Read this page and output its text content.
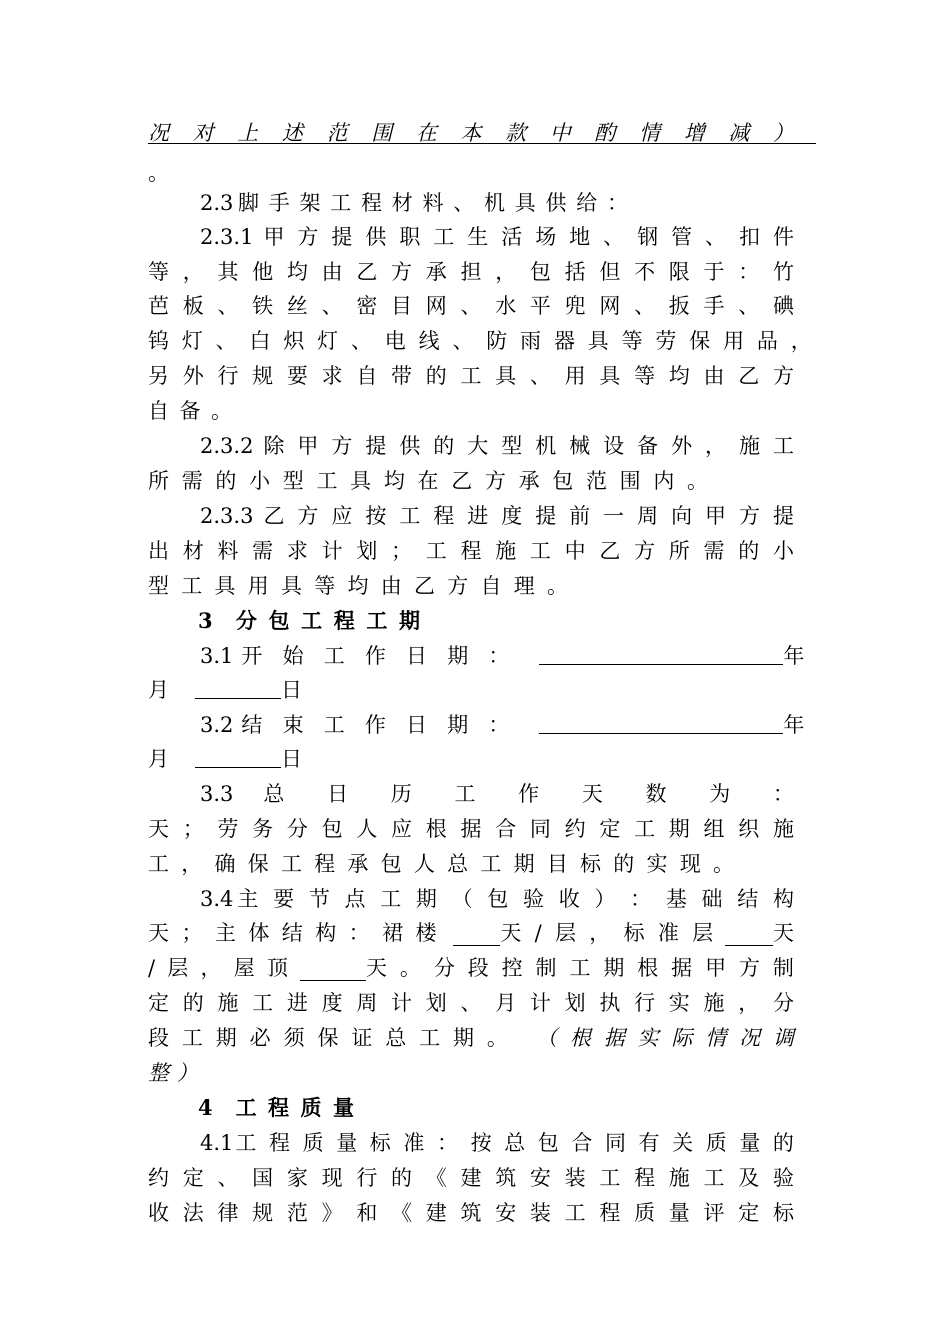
况 对 上 述 范 围 在 本 款 中 酌 情 增 减 ）
。
2.3 脚 手 架 工 程 材 料 、 机 具 供 给 ：
2.3.1 甲 方 提 供 职 工 生 活 场 地 、 钢 管 、 扣 件
等 ， 其 他 均 由 乙 方 承 担 ， 包 括 但 不 限 于 ： 竹
芭 板 、 铁 丝 、 密 目 网 、 水 平 兜 网 、 扳 手 、 碘
钨 灯 、 白 炽 灯 、 电 线 、 防 雨 器 具 等 劳 保 用 品 ，
另 外 行 规 要 求 自 带 的 工 具 、 用 具 等 均 由 乙 方
自 备 。
2.3.2 除 甲 方 提 供 的 大 型 机 械 设 备 外 ， 施 工
所 需 的 小 型 工 具 均 在 乙 方 承 包 范 围 内 。
2.3.3 乙 方 应 按 工 程 进 度 提 前 一 周 向 甲 方 提
出 材 料 需 求 计 划 ； 工 程 施 工 中 乙 方 所 需 的 小
型 工 具 用 具 等 均 由 乙 方 自 理 。
3 分 包 工 程 工 期
3.1 开 始 工 作 日 期 ：	年
月	日
3.2 结 束 工 作 日 期 ：	年
月	日
3.3 总 日 历 工 作 天 数 为 ：
天 ； 劳 务 分 包 人 应 根 据 合 同 约 定 工 期 组 织 施
工 ， 确 保 工 程 承 包 人 总 工 期 目 标 的 实 现 。
3.4 主 要 节 点 工 期 （ 包 验 收 ） ： 基 础 结 构
天 ； 主 体 结 构 ： 裙 楼	天 / 层 ， 标 准 层	天
/ 层 ， 屋 顶	天 。 分 段 控 制 工 期 根 据 甲 方 制
定 的 施 工 进 度 周 计 划 、 月 计 划 执 行 实 施 ， 分
段 工 期 必 须 保 证 总 工 期 。 （ 根 据 实 际 情 况 调
整 ）
4 工 程 质 量
4.1 工 程 质 量 标 准 ： 按 总 包 合 同 有 关 质 量 的
约 定 、 国 家 现 行 的 《 建 筑 安 装 工 程 施 工 及 验
收 法 律 规 范 》 和 《 建 筑 安 装 工 程 质 量 评 定 标
